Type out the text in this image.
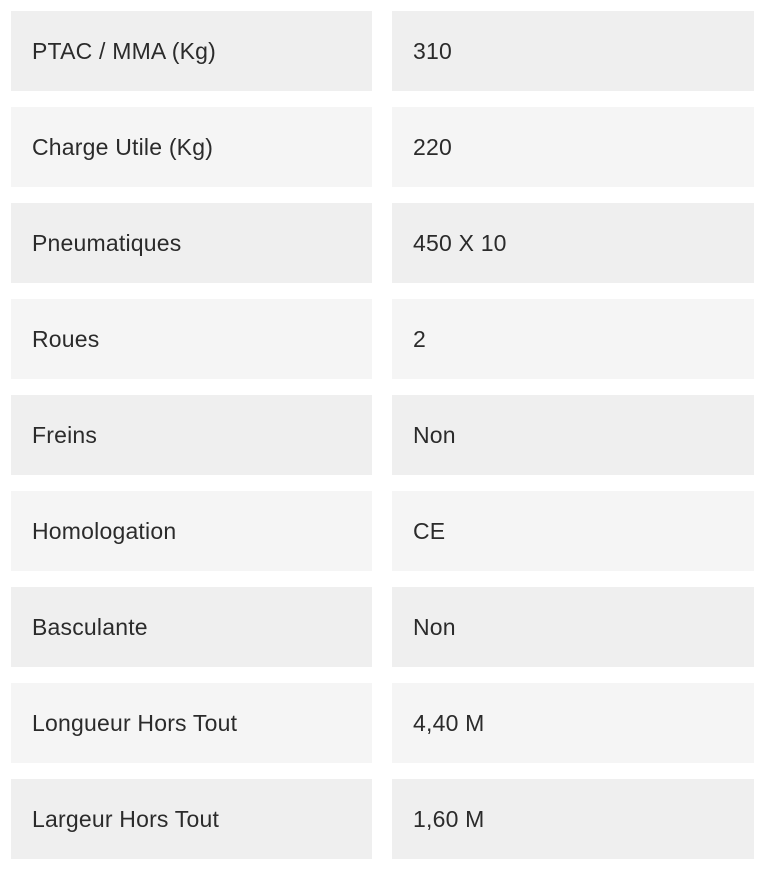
PTAC / MMA (Kg)	310
Charge Utile (Kg)	220
Pneumatiques	450 X 10
Roues	2
Freins	Non
Homologation	CE
Basculante	Non
Longueur Hors Tout	4,40 M
Largeur Hors Tout	1,60 M
